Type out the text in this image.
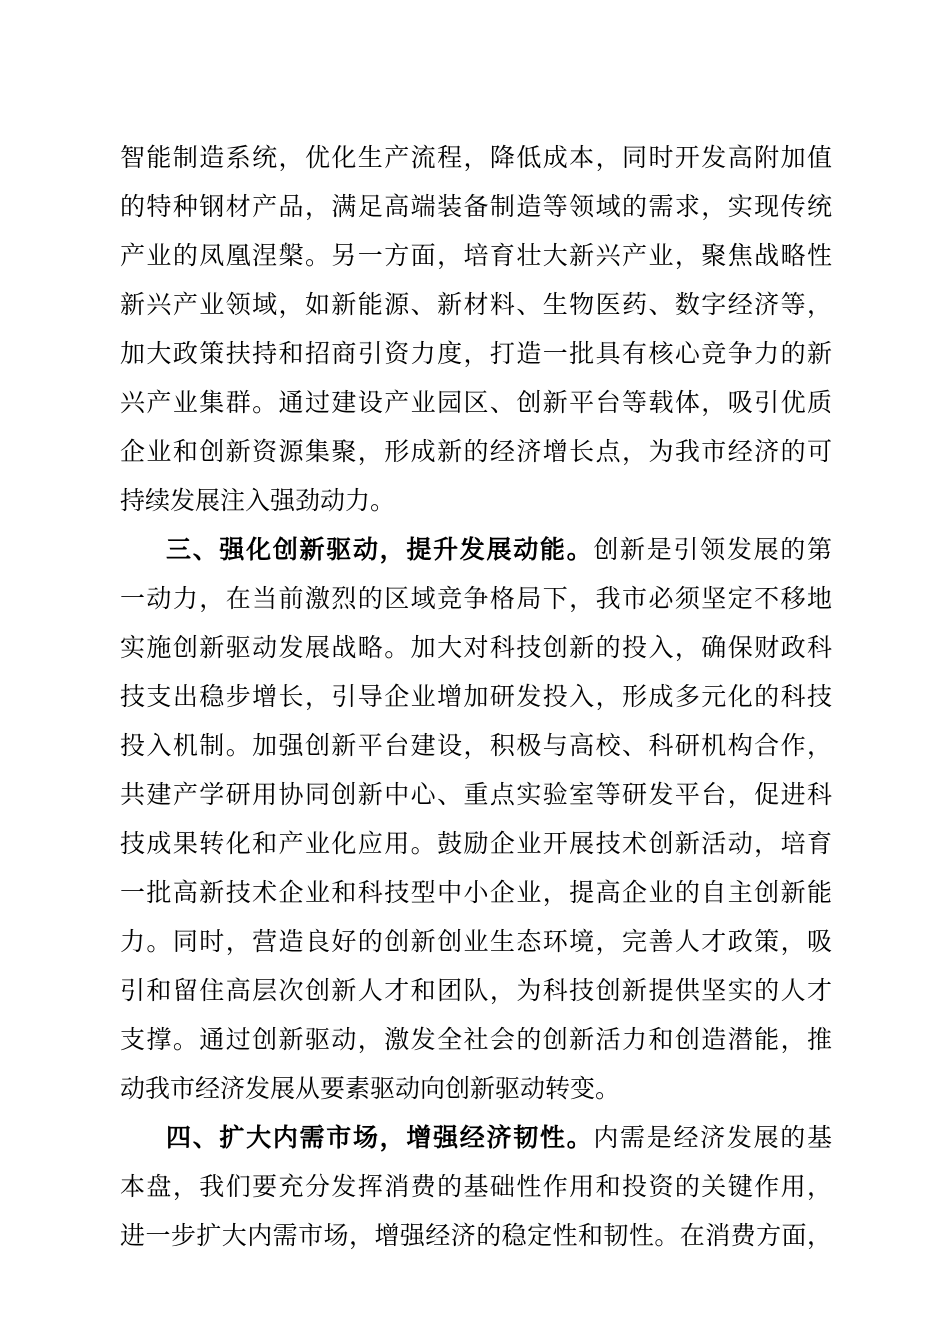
智能制造系统，优化生产流程，降低成本，同时开发高附加值
的特种钢材产品，满足高端装备制造等领域的需求，实现传统
产业的凤凰涅槃。另一方面，培育壮大新兴产业，聚焦战略性
新兴产业领域，如新能源、新材料、生物医药、数字经济等，
加大政策扶持和招商引资力度，打造一批具有核心竞争力的新
兴产业集群。通过建设产业园区、创新平台等载体，吸引优质
企业和创新资源集聚，形成新的经济增长点，为我市经济的可
持续发展注入强劲动力。
三、强化创新驱动，提升发展动能。创新是引领发展的第
一动力，在当前激烈的区域竞争格局下，我市必须坚定不移地
实施创新驱动发展战略。加大对科技创新的投入，确保财政科
技支出稳步增长，引导企业增加研发投入，形成多元化的科技
投入机制。加强创新平台建设，积极与高校、科研机构合作，
共建产学研用协同创新中心、重点实验室等研发平台，促进科
技成果转化和产业化应用。鼓励企业开展技术创新活动，培育
一批高新技术企业和科技型中小企业，提高企业的自主创新能
力。同时，营造良好的创新创业生态环境，完善人才政策，吸
引和留住高层次创新人才和团队，为科技创新提供坚实的人才
支撑。通过创新驱动，激发全社会的创新活力和创造潜能，推
动我市经济发展从要素驱动向创新驱动转变。
四、扩大内需市场，增强经济韧性。内需是经济发展的基
本盘，我们要充分发挥消费的基础性作用和投资的关键作用，
进一步扩大内需市场，增强经济的稳定性和韧性。在消费方面，
